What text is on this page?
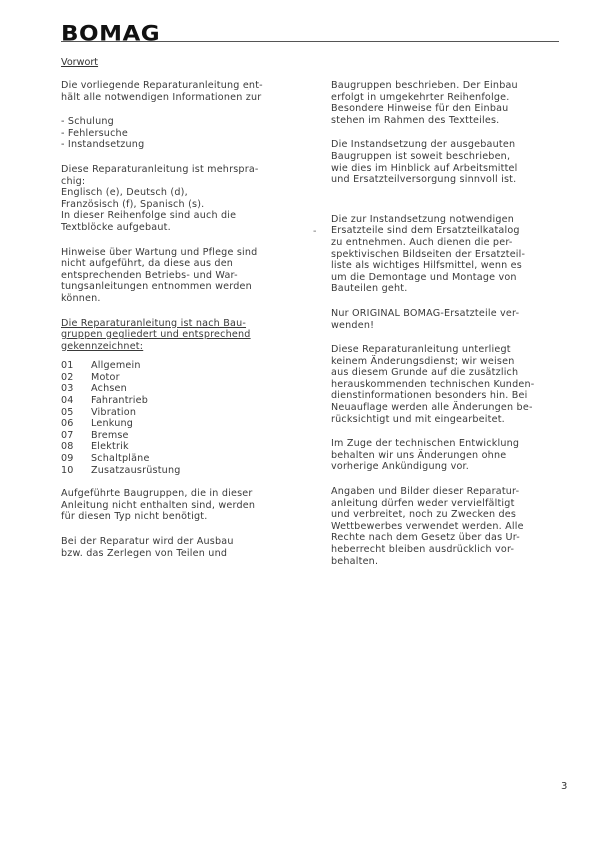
BOMAG
Vorwort
Die vorliegende Reparaturanleitung ent-
hält alle notwendigen Informationen zur
- Schulung
- Fehlersuche
- Instandsetzung
Diese Reparaturanleitung ist mehrspra-
chig:
Englisch (e), Deutsch (d),
Französisch (f), Spanisch (s).
In dieser Reihenfolge sind auch die
Textblöcke aufgebaut.
Hinweise über Wartung und Pflege sind
nicht aufgeführt, da diese aus den
entsprechenden Betriebs- und War-
tungsanleitungen entnommen werden
können.
Die Reparaturanleitung ist nach Bau-
gruppen gegliedert und entsprechend
gekennzeichnet:
01	Allgemein
02	Motor
03	Achsen
04	Fahrantrieb
05	Vibration
06	Lenkung
07	Bremse
08	Elektrik
09	Schaltpläne
10	Zusatzausrüstung
Aufgeführte Baugruppen, die in dieser
Anleitung nicht enthalten sind, werden
für diesen Typ nicht benötigt.
Bei der Reparatur wird der Ausbau
bzw. das Zerlegen von Teilen und
-
Baugruppen beschrieben. Der Einbau
erfolgt in umgekehrter Reihenfolge.
Besondere Hinweise für den Einbau
stehen im Rahmen des Textteiles.
Die Instandsetzung der ausgebauten
Baugruppen ist soweit beschrieben,
wie dies im Hinblick auf Arbeitsmittel
und Ersatzteilversorgung sinnvoll ist.
Die zur Instandsetzung notwendigen
Ersatzteile sind dem Ersatzteilkatalog
zu entnehmen. Auch dienen die per-
spektivischen Bildseiten der Ersatzteil-
liste als wichtiges Hilfsmittel, wenn es
um die Demontage und Montage von
Bauteilen geht.
Nur ORIGINAL BOMAG-Ersatzteile ver-
wenden!
Diese Reparaturanleitung unterliegt
keinem Änderungsdienst; wir weisen
aus diesem Grunde auf die zusätzlich
herauskommenden technischen Kunden-
dienstinformationen besonders hin. Bei
Neuauflage werden alle Änderungen be-
rücksichtigt und mit eingearbeitet.
Im Zuge der technischen Entwicklung
behalten wir uns Änderungen ohne
vorherige Ankündigung vor.
Angaben und Bilder dieser Reparatur-
anleitung dürfen weder vervielfältigt
und verbreitet, noch zu Zwecken des
Wettbewerbes verwendet werden. Alle
Rechte nach dem Gesetz über das Ur-
heberrecht bleiben ausdrücklich vor-
behalten.
3
